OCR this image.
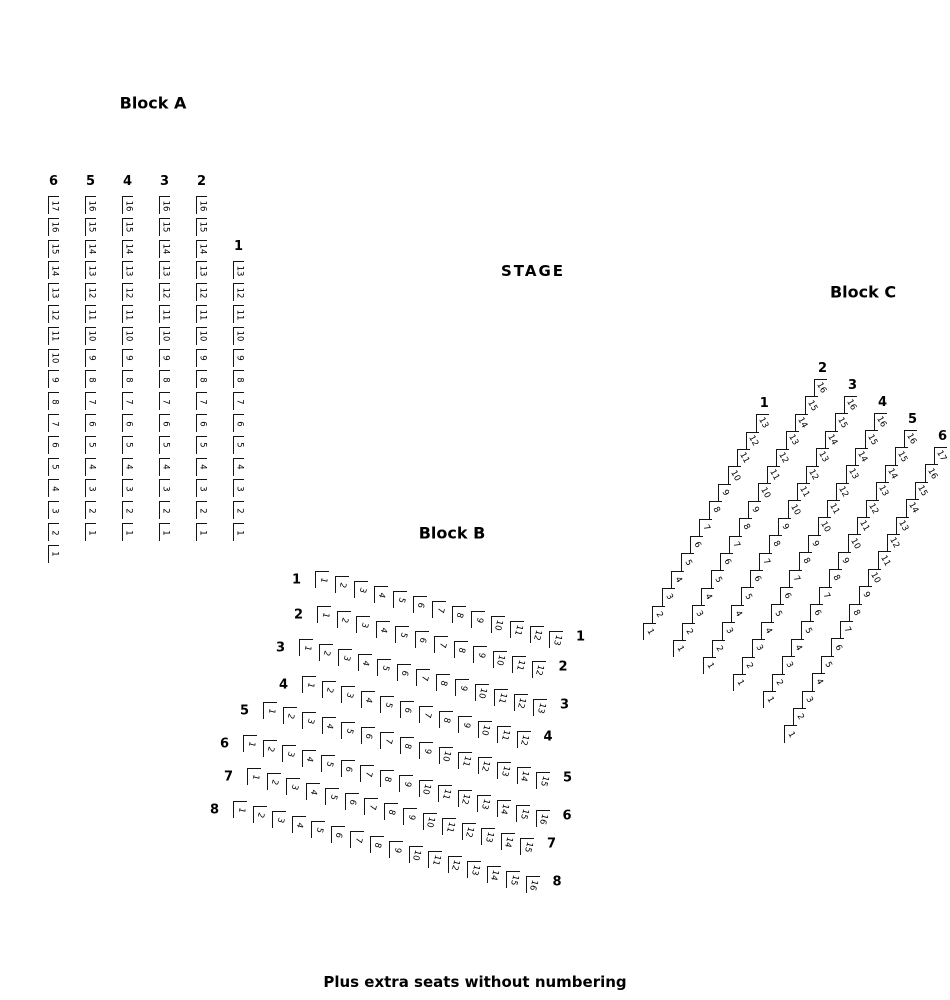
Block A
STAGE
Block C
Block B
Plus extra seats without numbering
6
17
16
15
14
13
12
11
10
9
8
7
6
5
4
3
2
1
5
16
15
14
13
12
11
10
9
8
7
6
5
4
3
2
1
4
16
15
14
13
12
11
10
9
8
7
6
5
4
3
2
1
3
16
15
14
13
12
11
10
9
8
7
6
5
4
3
2
1
2
16
15
14
13
12
11
10
9
8
7
6
5
4
3
2
1
1
13
12
11
10
9
8
7
6
5
4
3
2
1
1
13
12
11
10
9
8
7
6
5
4
3
2
1
2
16
15
14
13
12
11
10
9
8
7
6
5
4
3
2
1
3
16
15
14
13
12
11
10
9
8
7
6
5
4
3
2
1
4
16
15
14
13
12
11
10
9
8
7
6
5
4
3
2
1
5
16
15
14
13
12
11
10
9
8
7
6
5
4
3
2
1
6
17
16
15
14
13
12
11
10
9
8
7
6
5
4
3
2
1
1 1
2
3
4
5
6
7
8
9 10 11 12 13 1
2 1
2
3
4
5
6
7
8
9 10 11 12 2
3 1
2
3
4
5
6
7
8
9 10 11 12 13 3
4 1
2
3
4
5
6
7
8
9 10 11 12 4
5 1
2
3
4
5
6
7
8
9 10 11 12 13 14 15 5
6 1
2
3
4
5
6
7
8
9 10 11 12 13 14 15 16 6
7 1
2
3
4
5
6
7
8
9 10 11 12 13 14 15 7
8 1
2
3
4
5
6
7
8
9 10 11 12 13 14 15 16 8
